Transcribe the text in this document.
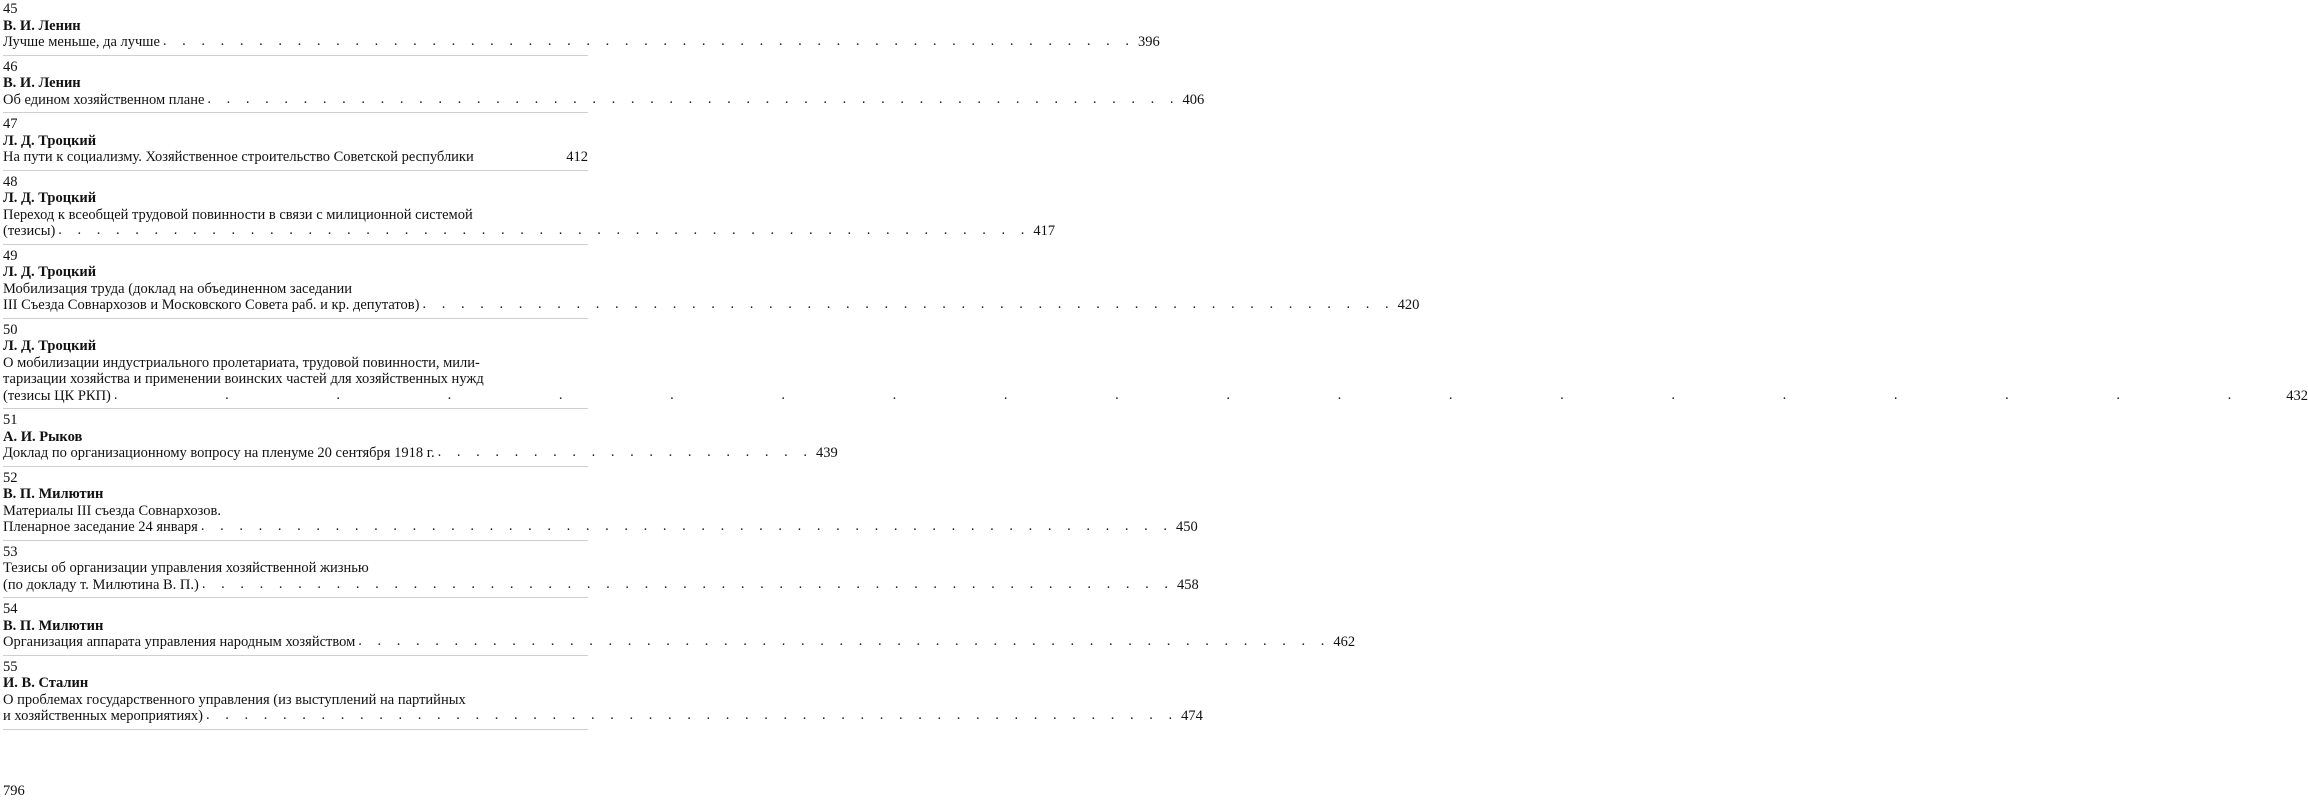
45
В. И. Ленин
Лучше меньше, да лучше . . . . . . . . . . . . . . . . . . . . . . . . . . . . . . . . . . . . . . . . . . . . . . . . . . . 396
46
В. И. Ленин
Об едином хозяйственном плане . . . . . . . . . . . . . . . . . . . . . . . . . . . . . . . . . . . . . . . . . . . . . . . . . . . 406
47
Л. Д. Троцкий
На пути к социализму. Хозяйственное строительство Советской республики	412
48
Л. Д. Троцкий
Переход к всеобщей трудовой повинности в связи с милиционной системой
(тезисы) . . . . . . . . . . . . . . . . . . . . . . . . . . . . . . . . . . . . . . . . . . . . . . . . . . . 417
49
Л. Д. Троцкий
Мобилизация труда (доклад на объединенном заседании
III Съезда Совнархозов и Московского Совета раб. и кр. депутатов) . . . . . . . . . . . . . . . . . . . . . . . . . . . . . . . . . . . . . . . . . . . . . . . . . . . 420
50
Л. Д. Троцкий
О мобилизации индустриального пролетариата, трудовой повинности, мили-
таризации хозяйства и применении воинских частей для хозяйственных нужд
(тезисы ЦК РКП) . . . . . . . . . . . . . . . . . . . . 432
51
А. И. Рыков
Доклад по организационному вопросу на пленуме 20 сентября 1918 г. . . . . . . . . . . . . . . . . . . . . 439
52
В. П. Милютин
Материалы III съезда Совнархозов.
Пленарное заседание 24 января . . . . . . . . . . . . . . . . . . . . . . . . . . . . . . . . . . . . . . . . . . . . . . . . . . . 450
53
Тезисы об организации управления хозяйственной жизнью
(по докладу т. Милютина В. П.) . . . . . . . . . . . . . . . . . . . . . . . . . . . . . . . . . . . . . . . . . . . . . . . . . . . 458
54
В. П. Милютин
Организация аппарата управления народным хозяйством . . . . . . . . . . . . . . . . . . . . . . . . . . . . . . . . . . . . . . . . . . . . . . . . . . . 462
55
И. В. Сталин
О проблемах государственного управления (из выступлений на партийных
и хозяйственных мероприятиях) . . . . . . . . . . . . . . . . . . . . . . . . . . . . . . . . . . . . . . . . . . . . . . . . . . . 474
796
